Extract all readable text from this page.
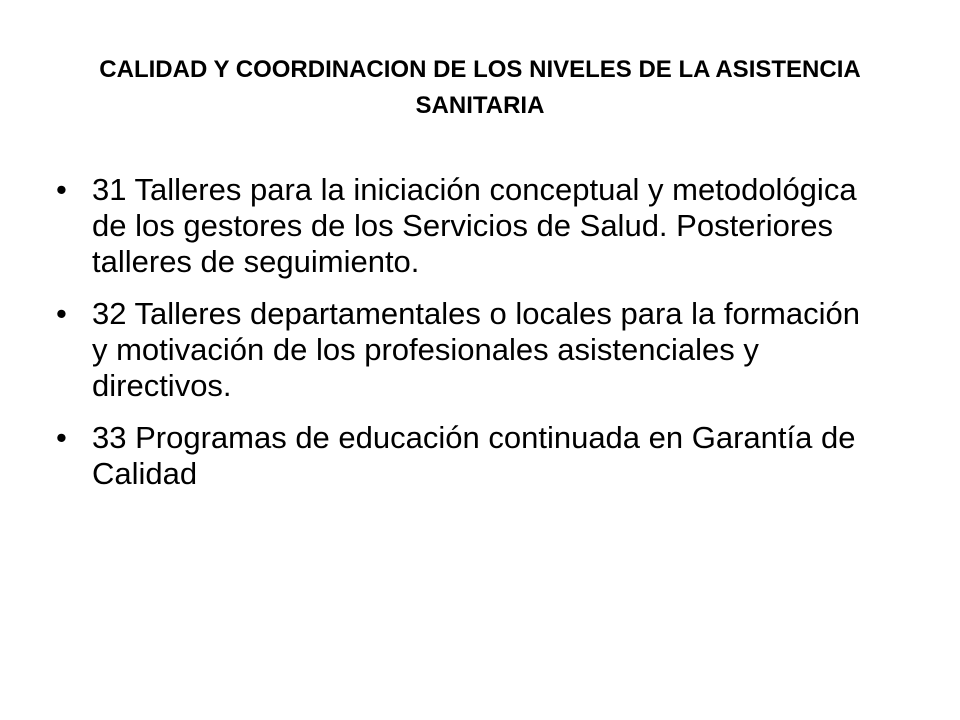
CALIDAD Y COORDINACION DE LOS NIVELES DE LA ASISTENCIA SANITARIA
• 31 Talleres para la iniciación conceptual y metodológica de los gestores de los Servicios de Salud. Posteriores talleres de seguimiento.
• 32 Talleres departamentales o locales para la formación y motivación de los profesionales asistenciales y directivos.
• 33 Programas de educación continuada en Garantía de Calidad
